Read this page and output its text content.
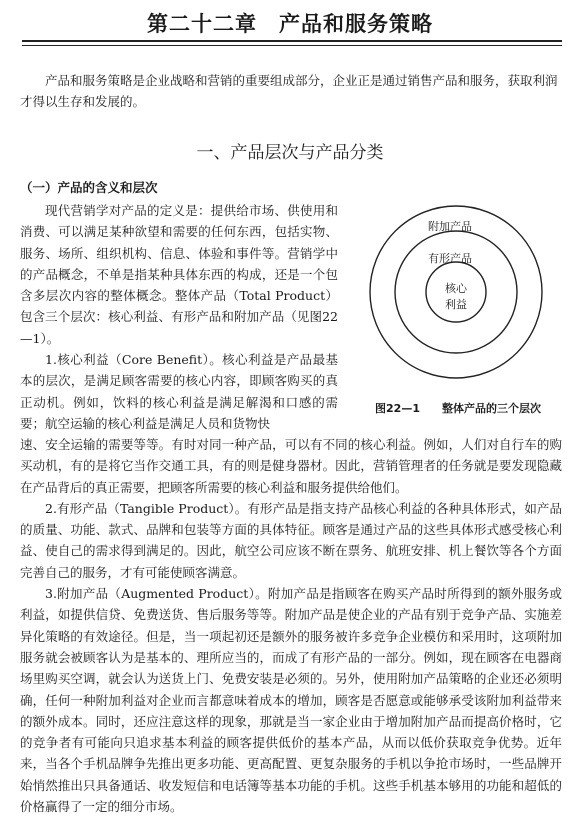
第二十二章　产品和服务策略

产品和服务策略是企业战略和营销的重要组成部分，企业正是通过销售产品和服务，获取利润才得以生存和发展的。

一、产品层次与产品分类
（一）产品的含义和层次

现代营销学对产品的定义是：提供给市场、供使用和消费、可以满足某种欲望和需要的任何东西，包括实物、服务、场所、组织机构、信息、体验和事件等。营销学中的产品概念，不单是指某种具体东西的构成，还是一个包含多层次内容的整体概念。整体产品（Total Product）包含三个层次：核心利益、有形产品和附加产品（见图22—1）。

1.核心利益（Core Benefit）。核心利益是产品最基本的层次，是满足顾客需要的核心内容，即顾客购买的真正动机。例如，饮料的核心利益是满足解渴和口感的需要；航空运输的核心利益是满足人员和货物快

附加产品
有形产品
核心
利益
图22—1　　整体产品的三个层次

速、安全运输的需要等等。有时对同一种产品，可以有不同的核心利益。例如，人们对自行车的购买动机，有的是将它当作交通工具，有的则是健身器材。因此，营销管理者的任务就是要发现隐藏在产品背后的真正需要，把顾客所需要的核心利益和服务提供给他们。

2.有形产品（Tangible Product）。有形产品是指支持产品核心利益的各种具体形式，如产品的质量、功能、款式、品牌和包装等方面的具体特征。顾客是通过产品的这些具体形式感受核心利益、使自己的需求得到满足的。因此，航空公司应该不断在票务、航班安排、机上餐饮等各个方面完善自己的服务，才有可能使顾客满意。

3.附加产品（Augmented Product）。附加产品是指顾客在购买产品时所得到的额外服务或利益，如提供信贷、免费送货、售后服务等等。附加产品是使企业的产品有别于竞争产品、实施差异化策略的有效途径。但是，当一项起初还是额外的服务被许多竞争企业模仿和采用时，这项附加服务就会被顾客认为是基本的、理所应当的，而成了有形产品的一部分。例如，现在顾客在电器商场里购买空调，就会认为送货上门、免费安装是必须的。另外，使用附加产品策略的企业还必须明确，任何一种附加利益对企业而言都意味着成本的增加，顾客是否愿意或能够承受该附加利益带来的额外成本。同时，还应注意这样的现象，那就是当一家企业由于增加附加产品而提高价格时，它的竞争者有可能向只追求基本利益的顾客提供低价的基本产品，从而以低价获取竞争优势。近年来，当各个手机品牌争先推出更多功能、更高配置、更复杂服务的手机以争抢市场时，一些品牌开始悄然推出只具备通话、收发短信和电话簿等基本功能的手机。这些手机基本够用的功能和超低的价格赢得了一定的细分市场。
